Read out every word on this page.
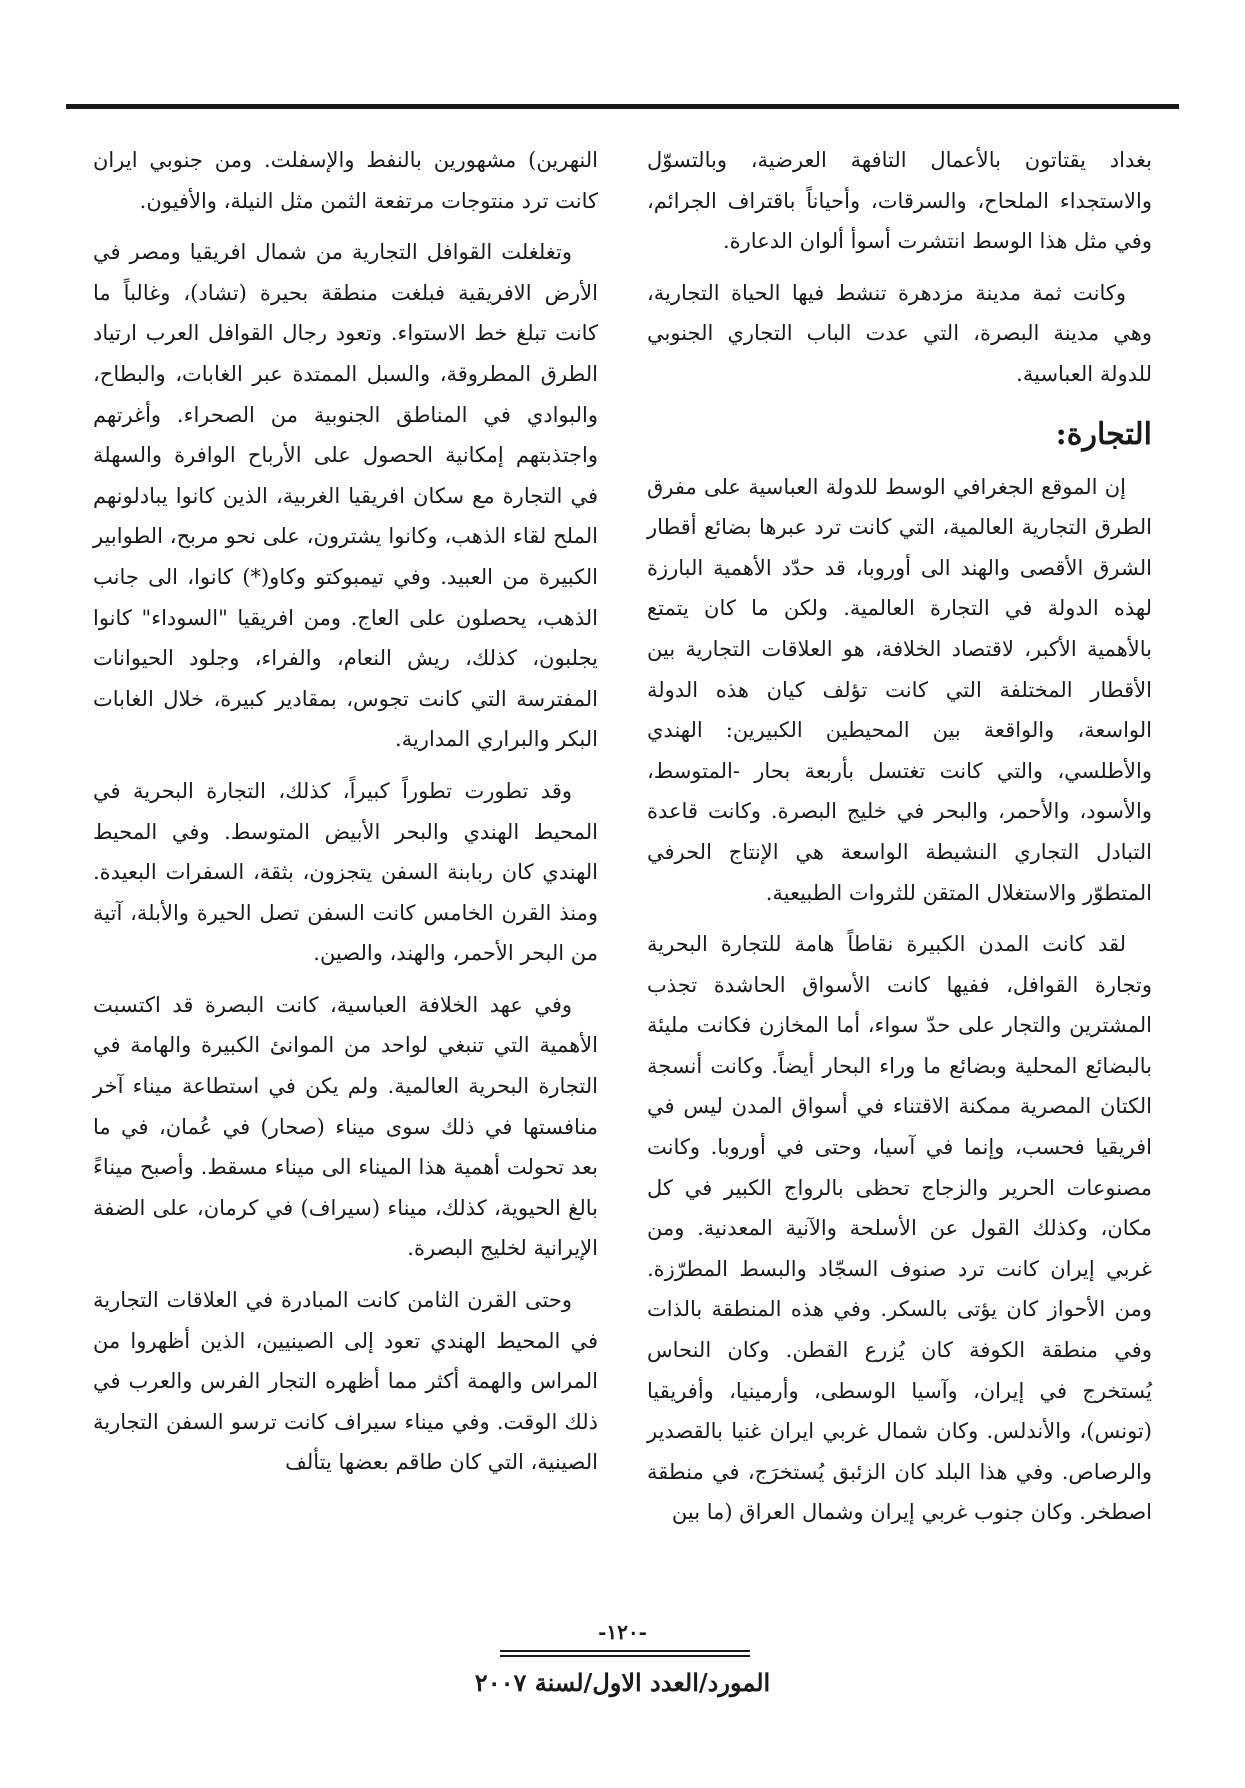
بغداد يقتاتون بالأعمال التافهة العرضية، وبالتسوّل والاستجداء الملحاح، والسرقات، وأحياناً باقتراف الجرائم، وفي مثل هذا الوسط انتشرت أسوأ ألوان الدعارة.

وكانت ثمة مدينة مزدهرة تنشط فيها الحياة التجارية، وهي مدينة البصرة، التي عدت الباب التجاري الجنوبي للدولة العباسية.

التجارة:

إن الموقع الجغرافي الوسط للدولة العباسية على مفرق الطرق التجارية العالمية، التي كانت ترد عبرها بضائع أقطار الشرق الأقصى والهند الى أوروبا، قد حدّد الأهمية البارزة لهذه الدولة في التجارة العالمية. ولكن ما كان يتمتع بالأهمية الأكبر، لاقتصاد الخلافة، هو العلاقات التجارية بين الأقطار المختلفة التي كانت تؤلف كيان هذه الدولة الواسعة، والواقعة بين المحيطين الكبيرين: الهندي والأطلسي، والتي كانت تغتسل بأربعة بحار -المتوسط، والأسود، والأحمر، والبحر في خليج البصرة. وكانت قاعدة التبادل التجاري النشيطة الواسعة هي الإنتاج الحرفي المتطوّر والاستغلال المتقن للثروات الطبيعية.

لقد كانت المدن الكبيرة نقاطاً هامة للتجارة البحرية وتجارة القوافل، ففيها كانت الأسواق الحاشدة تجذب المشترين والتجار على حدّ سواء، أما المخازن فكانت مليئة بالبضائع المحلية وبضائع ما وراء البحار أيضاً. وكانت أنسجة الكتان المصرية ممكنة الاقتناء في أسواق المدن ليس في افريقيا فحسب، وإنما في آسيا، وحتى في أوروبا. وكانت مصنوعات الحرير والزجاج تحظى بالرواج الكبير في كل مكان، وكذلك القول عن الأسلحة والآنية المعدنية. ومن غربي إيران كانت ترد صنوف السجّاد والبسط المطرّزة. ومن الأحواز كان يؤتى بالسكر. وفي هذه المنطقة بالذات وفي منطقة الكوفة كان يُزرع القطن. وكان النحاس يُستخرج في إيران، وآسيا الوسطى، وأرمينيا، وأفريقيا (تونس)، والأندلس. وكان شمال غربي ايران غنيا بالقصدير والرصاص. وفي هذا البلد كان الزئبق يُستخرَج، في منطقة اصطخر. وكان جنوب غربي إيران وشمال العراق (ما بين

النهرين) مشهورين بالنفط والإسفلت. ومن جنوبي ايران كانت ترد منتوجات مرتفعة الثمن مثل النيلة، والأفيون.

وتغلغلت القوافل التجارية من شمال افريقيا ومصر في الأرض الافريقية فبلغت منطقة بحيرة (تشاد)، وغالباً ما كانت تبلغ خط الاستواء. وتعود رجال القوافل العرب ارتياد الطرق المطروقة، والسبل الممتدة عبر الغابات، والبطاح، والبوادي في المناطق الجنوبية من الصحراء. وأغرتهم واجتذبتهم إمكانية الحصول على الأرباح الوافرة والسهلة في التجارة مع سكان افريقيا الغربية، الذين كانوا يبادلونهم الملح لقاء الذهب، وكانوا يشترون، على نحو مربح، الطوابير الكبيرة من العبيد. وفي تيمبوكتو وكاو(*) كانوا، الى جانب الذهب، يحصلون على العاج. ومن افريقيا "السوداء" كانوا يجلبون، كذلك، ريش النعام، والفراء، وجلود الحيوانات المفترسة التي كانت تجوس، بمقادير كبيرة، خلال الغابات البكر والبراري المدارية.

وقد تطورت تطوراً كبيراً، كذلك، التجارة البحرية في المحيط الهندي والبحر الأبيض المتوسط. وفي المحيط الهندي كان ربابنة السفن يتجزون، بثقة، السفرات البعيدة. ومنذ القرن الخامس كانت السفن تصل الحيرة والأبلة، آتية من البحر الأحمر، والهند، والصين.

وفي عهد الخلافة العباسية، كانت البصرة قد اكتسبت الأهمية التي تنبغي لواحد من الموانئ الكبيرة والهامة في التجارة البحرية العالمية. ولم يكن في استطاعة ميناء آخر منافستها في ذلك سوى ميناء (صحار) في عُمان، في ما بعد تحولت أهمية هذا الميناء الى ميناء مسقط. وأصبح ميناءً بالغ الحيوية، كذلك، ميناء (سيراف) في كرمان، على الضفة الإيرانية لخليج البصرة.

وحتى القرن الثامن كانت المبادرة في العلاقات التجارية في المحيط الهندي تعود إلى الصينيين، الذين أظهروا من المراس والهمة أكثر مما أظهره التجار الفرس والعرب في ذلك الوقت. وفي ميناء سيراف كانت ترسو السفن التجارية الصينية، التي كان طاقم بعضها يتألف

-١٢٠-
المورد/العدد الاول/لسنة ٢٠٠٧
